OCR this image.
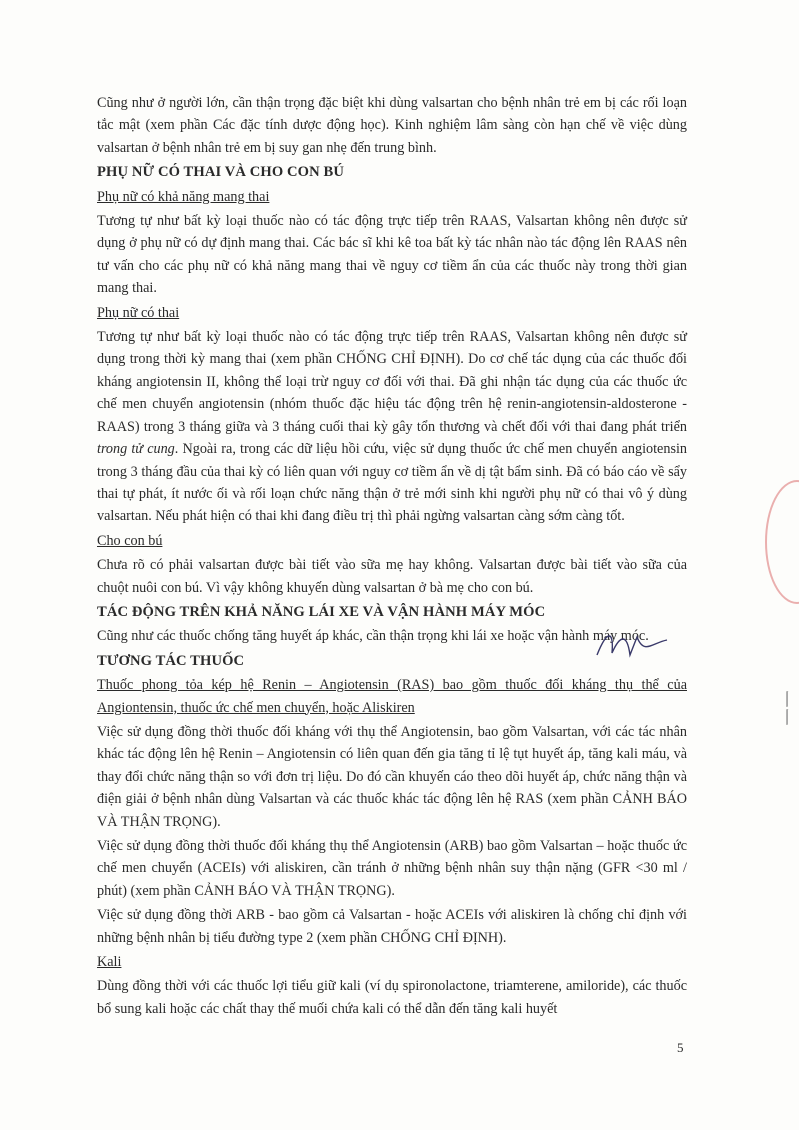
Cũng như ở người lớn, cần thận trọng đặc biệt khi dùng valsartan cho bệnh nhân trẻ em bị các rối loạn tắc mật (xem phần Các đặc tính dược động học). Kinh nghiệm lâm sàng còn hạn chế về việc dùng valsartan ở bệnh nhân trẻ em bị suy gan nhẹ đến trung bình.

PHỤ NỮ CÓ THAI VÀ CHO CON BÚ

Phụ nữ có khả năng mang thai

Tương tự như bất kỳ loại thuốc nào có tác động trực tiếp trên RAAS, Valsartan không nên được sử dụng ở phụ nữ có dự định mang thai. Các bác sĩ khi kê toa bất kỳ tác nhân nào tác động lên RAAS nên tư vấn cho các phụ nữ có khả năng mang thai về nguy cơ tiềm ẩn của các thuốc này trong thời gian mang thai.

Phụ nữ có thai

Tương tự như bất kỳ loại thuốc nào có tác động trực tiếp trên RAAS, Valsartan không nên được sử dụng trong thời kỳ mang thai (xem phần CHỐNG CHỈ ĐỊNH). Do cơ chế tác dụng của các thuốc đối kháng angiotensin II, không thể loại trừ nguy cơ đối với thai. Đã ghi nhận tác dụng của các thuốc ức chế men chuyển angiotensin (nhóm thuốc đặc hiệu tác động trên hệ renin-angiotensin-aldosterone - RAAS) trong 3 tháng giữa và 3 tháng cuối thai kỳ gây tổn thương và chết đối với thai đang phát triển trong tử cung. Ngoài ra, trong các dữ liệu hồi cứu, việc sử dụng thuốc ức chế men chuyển angiotensin trong 3 tháng đầu của thai kỳ có liên quan với nguy cơ tiềm ẩn về dị tật bẩm sinh. Đã có báo cáo về sẩy thai tự phát, ít nước ối và rối loạn chức năng thận ở trẻ mới sinh khi người phụ nữ có thai vô ý dùng valsartan. Nếu phát hiện có thai khi đang điều trị thì phải ngừng valsartan càng sớm càng tốt.

Cho con bú

Chưa rõ có phải valsartan được bài tiết vào sữa mẹ hay không. Valsartan được bài tiết vào sữa của chuột nuôi con bú. Vì vậy không khuyến dùng valsartan ở bà mẹ cho con bú.

TÁC ĐỘNG TRÊN KHẢ NĂNG LÁI XE VÀ VẬN HÀNH MÁY MÓC

Cũng như các thuốc chống tăng huyết áp khác, cần thận trọng khi lái xe hoặc vận hành máy móc.

TƯƠNG TÁC THUỐC

Thuốc phong tỏa kép hệ Renin – Angiotensin (RAS) bao gồm thuốc đối kháng thụ thể của Angiontensin, thuốc ức chế men chuyển, hoặc Aliskiren

Việc sử dụng đồng thời thuốc đối kháng với thụ thể Angiotensin, bao gồm Valsartan, với các tác nhân khác tác động lên hệ Renin – Angiotensin có liên quan đến gia tăng tỉ lệ tụt huyết áp, tăng kali máu, và thay đổi chức năng thận so với đơn trị liệu. Do đó cần khuyến cáo theo dõi huyết áp, chức năng thận và điện giải ở bệnh nhân dùng Valsartan và các thuốc khác tác động lên hệ RAS (xem phần CẢNH BÁO VÀ THẬN TRỌNG).

Việc sử dụng đồng thời thuốc đối kháng thụ thể Angiotensin (ARB) bao gồm Valsartan – hoặc thuốc ức chế men chuyển (ACEIs) với aliskiren, cần tránh ở những bệnh nhân suy thận nặng (GFR <30 ml / phút) (xem phần CẢNH BÁO VÀ THẬN TRỌNG).

Việc sử dụng đồng thời ARB - bao gồm cả Valsartan - hoặc ACEIs với aliskiren là chống chỉ định với những bệnh nhân bị tiểu đường type 2 (xem phần CHỐNG CHỈ ĐỊNH).

Kali

Dùng đồng thời với các thuốc lợi tiểu giữ kali (ví dụ spironolactone, triamterene, amiloride), các thuốc bổ sung kali hoặc các chất thay thế muối chứa kali có thể dẫn đến tăng kali huyết

5
〡〡
